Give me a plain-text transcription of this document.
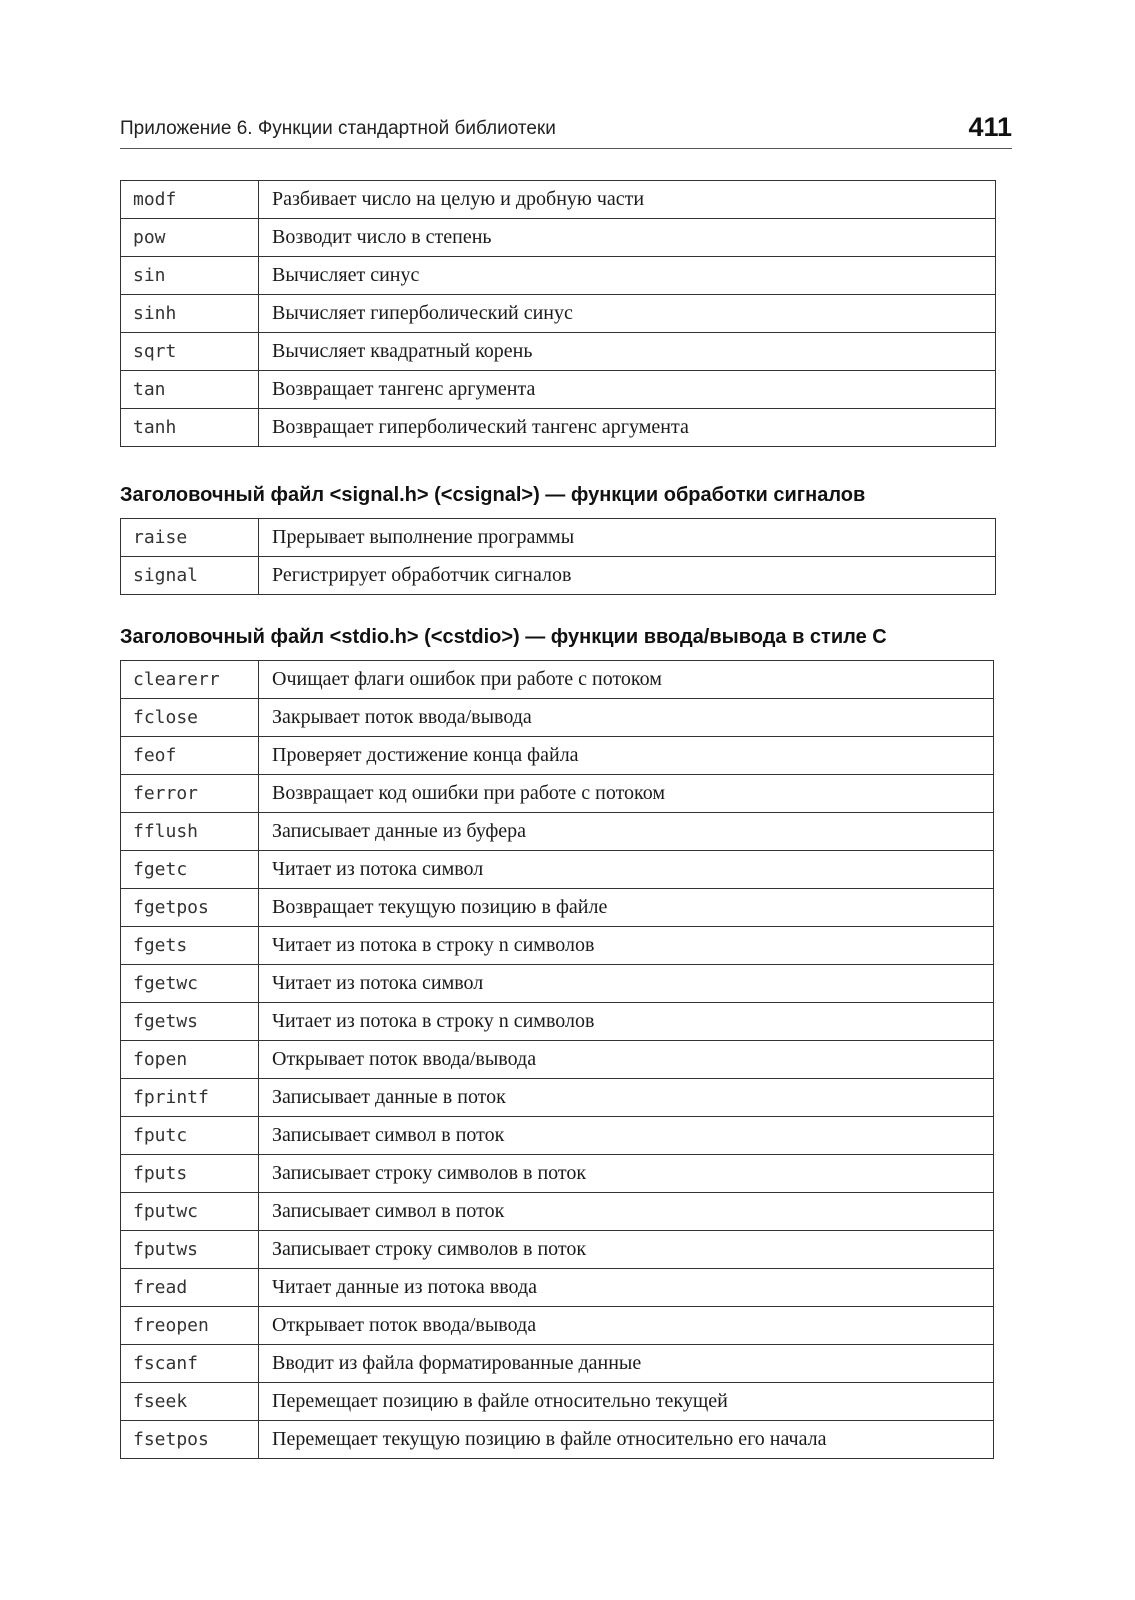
Приложение 6. Функции стандартной библиотеки	411
modf	Разбивает число на целую и дробную части
pow	Возводит число в степень
sin	Вычисляет синус
sinh	Вычисляет гиперболический синус
sqrt	Вычисляет квадратный корень
tan	Возвращает тангенс аргумента
tanh	Возвращает гиперболический тангенс аргумента
Заголовочный файл <signal.h> (<csignal>) — функции обработки сигналов
raise	Прерывает выполнение программы
signal	Регистрирует обработчик сигналов
Заголовочный файл <stdio.h> (<cstdio>) — функции ввода/вывода в стиле C
clearerr	Очищает флаги ошибок при работе с потоком
fclose	Закрывает поток ввода/вывода
feof	Проверяет достижение конца файла
ferror	Возвращает код ошибки при работе с потоком
fflush	Записывает данные из буфера
fgetc	Читает из потока символ
fgetpos	Возвращает текущую позицию в файле
fgets	Читает из потока в строку n символов
fgetwc	Читает из потока символ
fgetws	Читает из потока в строку n символов
fopen	Открывает поток ввода/вывода
fprintf	Записывает данные в поток
fputc	Записывает символ в поток
fputs	Записывает строку символов в поток
fputwc	Записывает символ в поток
fputws	Записывает строку символов в поток
fread	Читает данные из потока ввода
freopen	Открывает поток ввода/вывода
fscanf	Вводит из файла форматированные данные
fseek	Перемещает позицию в файле относительно текущей
fsetpos	Перемещает текущую позицию в файле относительно его начала
